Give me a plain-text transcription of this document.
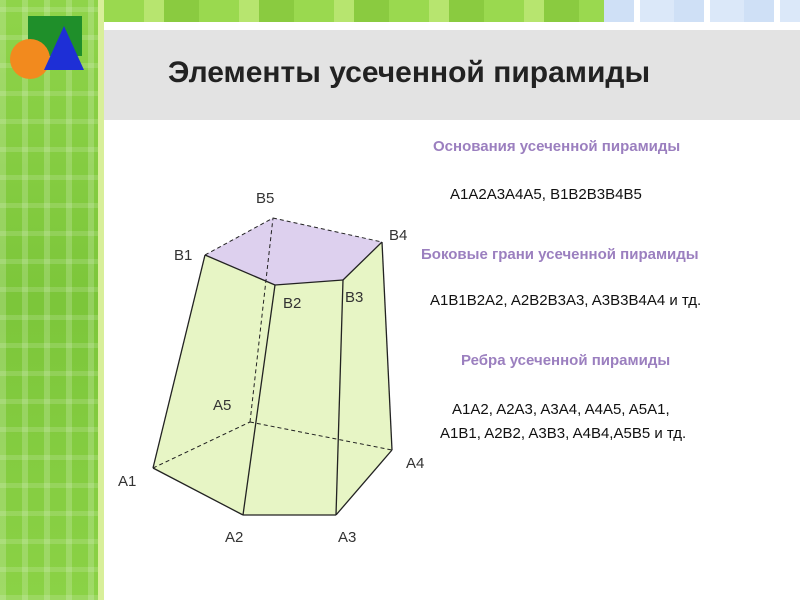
Элементы усеченной пирамиды
B5
B1
B4
B2	B3
A5
A1
A4
A2	A3
Основания усеченной пирамиды
A1A2A3A4A5, B1B2B3B4B5
Боковые грани усеченной пирамиды
A1B1B2A2, A2B2B3A3, A3B3B4A4 и тд.
Ребра усеченной пирамиды
A1A2, A2A3, A3A4, A4A5, A5A1,
A1B1, A2B2, A3B3, A4B4,A5B5 и тд.
